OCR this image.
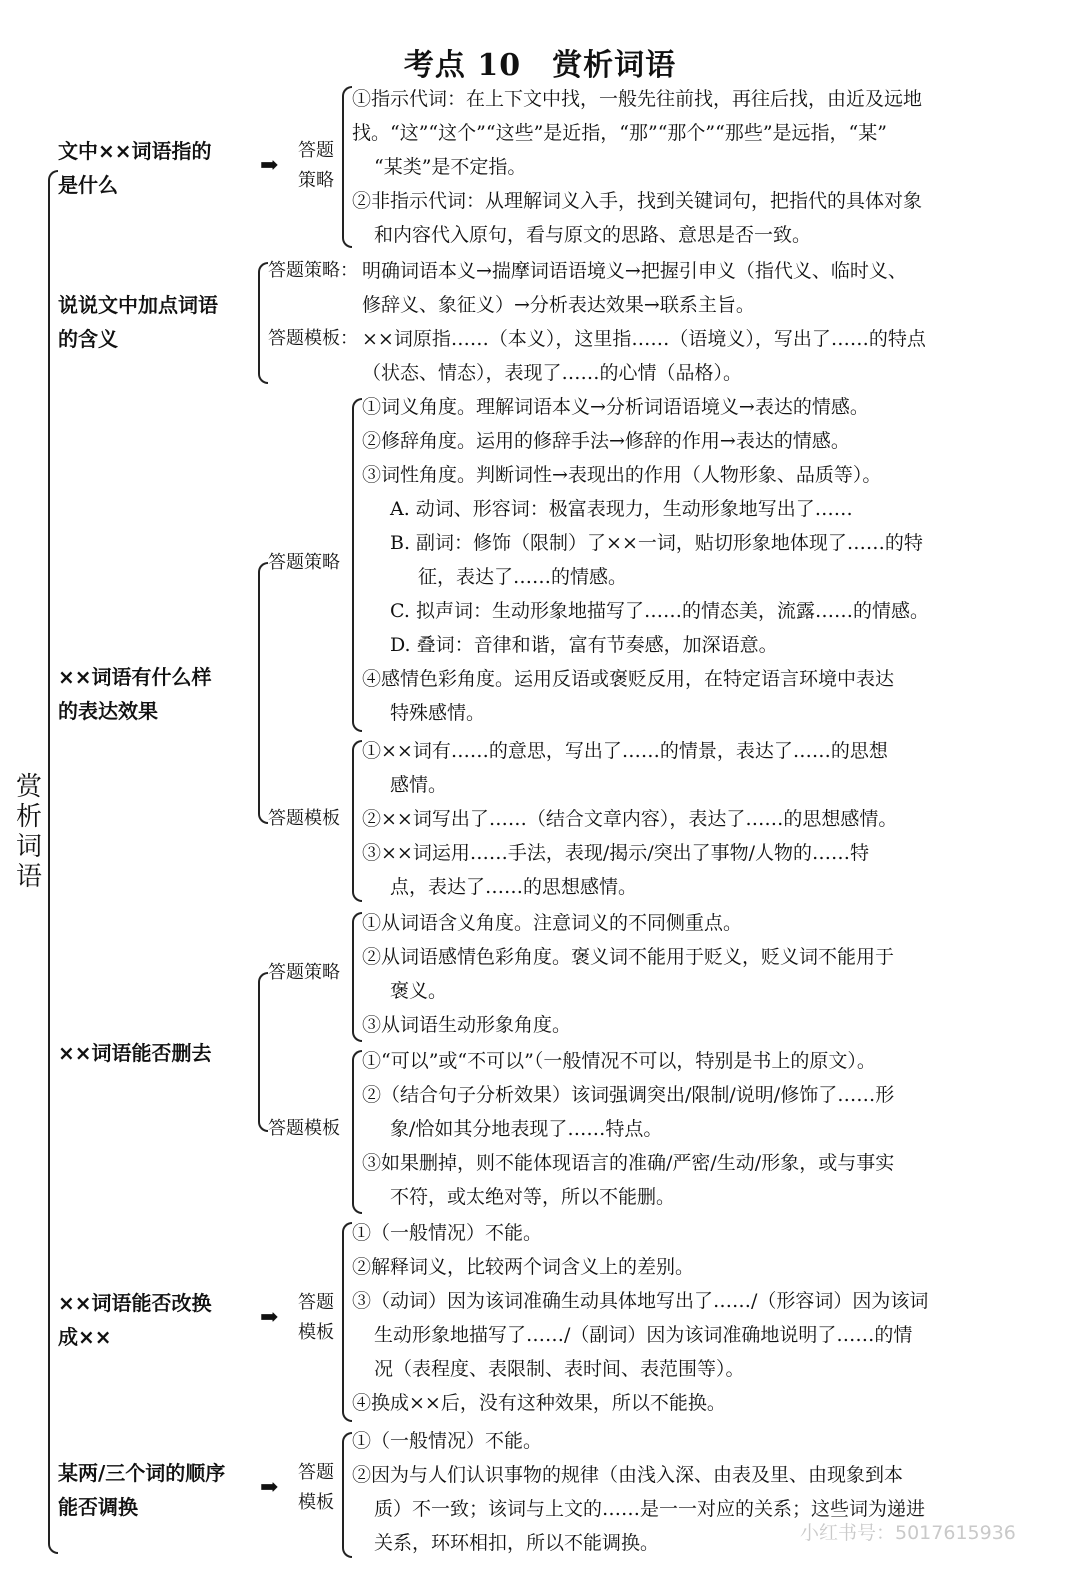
考点 10　赏析词语
赏
析
词
语
文中××词语指的
是什么
➡
答题
策略
①指示代词：在上下文中找，一般先往前找，再往后找，由近及远地
找。“这”“这个”“这些”是近指，“那”“那个”“那些”是远指，“某”
“某类”是不定指。
②非指示代词：从理解词义入手，找到关键词句，把指代的具体对象
和内容代入原句，看与原文的思路、意思是否一致。
说说文中加点词语
的含义
答题策略： 明确词语本义→揣摩词语语境义→把握引申义（指代义、临时义、
修辞义、象征义）→分析表达效果→联系主旨。
答题模板： ××词原指……（本义），这里指……（语境义），写出了……的特点
（状态、情态），表现了……的心情（品格）。
××词语有什么样
的表达效果
答题策略
①词义角度。理解词语本义→分析词语语境义→表达的情感。
②修辞角度。运用的修辞手法→修辞的作用→表达的情感。
③词性角度。判断词性→表现出的作用（人物形象、品质等）。
A. 动词、形容词：极富表现力，生动形象地写出了……
B. 副词：修饰（限制）了××一词，贴切形象地体现了……的特
征，表达了……的情感。
C. 拟声词：生动形象地描写了……的情态美，流露……的情感。
D. 叠词：音律和谐，富有节奏感，加深语意。
④感情色彩角度。运用反语或褒贬反用，在特定语言环境中表达
特殊感情。
答题模板
①××词有……的意思，写出了……的情景，表达了……的思想
感情。
②××词写出了……（结合文章内容），表达了……的思想感情。
③××词运用……手法，表现/揭示/突出了事物/人物的……特
点，表达了……的思想感情。
××词语能否删去
答题策略
①从词语含义角度。注意词义的不同侧重点。
②从词语感情色彩角度。褒义词不能用于贬义，贬义词不能用于
褒义。
③从词语生动形象角度。
答题模板
①“可以”或“不可以”（一般情况不可以，特别是书上的原文）。
②（结合句子分析效果）该词强调突出/限制/说明/修饰了……形
象/恰如其分地表现了……特点。
③如果删掉，则不能体现语言的准确/严密/生动/形象，或与事实
不符，或太绝对等，所以不能删。
××词语能否改换
成××
➡
答题
模板
①（一般情况）不能。
②解释词义，比较两个词含义上的差别。
③（动词）因为该词准确生动具体地写出了……/（形容词）因为该词
生动形象地描写了……/（副词）因为该词准确地说明了……的情
况（表程度、表限制、表时间、表范围等）。
④换成××后，没有这种效果，所以不能换。
某两/三个词的顺序
能否调换
➡
答题
模板
①（一般情况）不能。
②因为与人们认识事物的规律（由浅入深、由表及里、由现象到本
质）不一致；该词与上文的……是一一对应的关系；这些词为递进
关系，环环相扣，所以不能调换。	小红书号：5017615936
